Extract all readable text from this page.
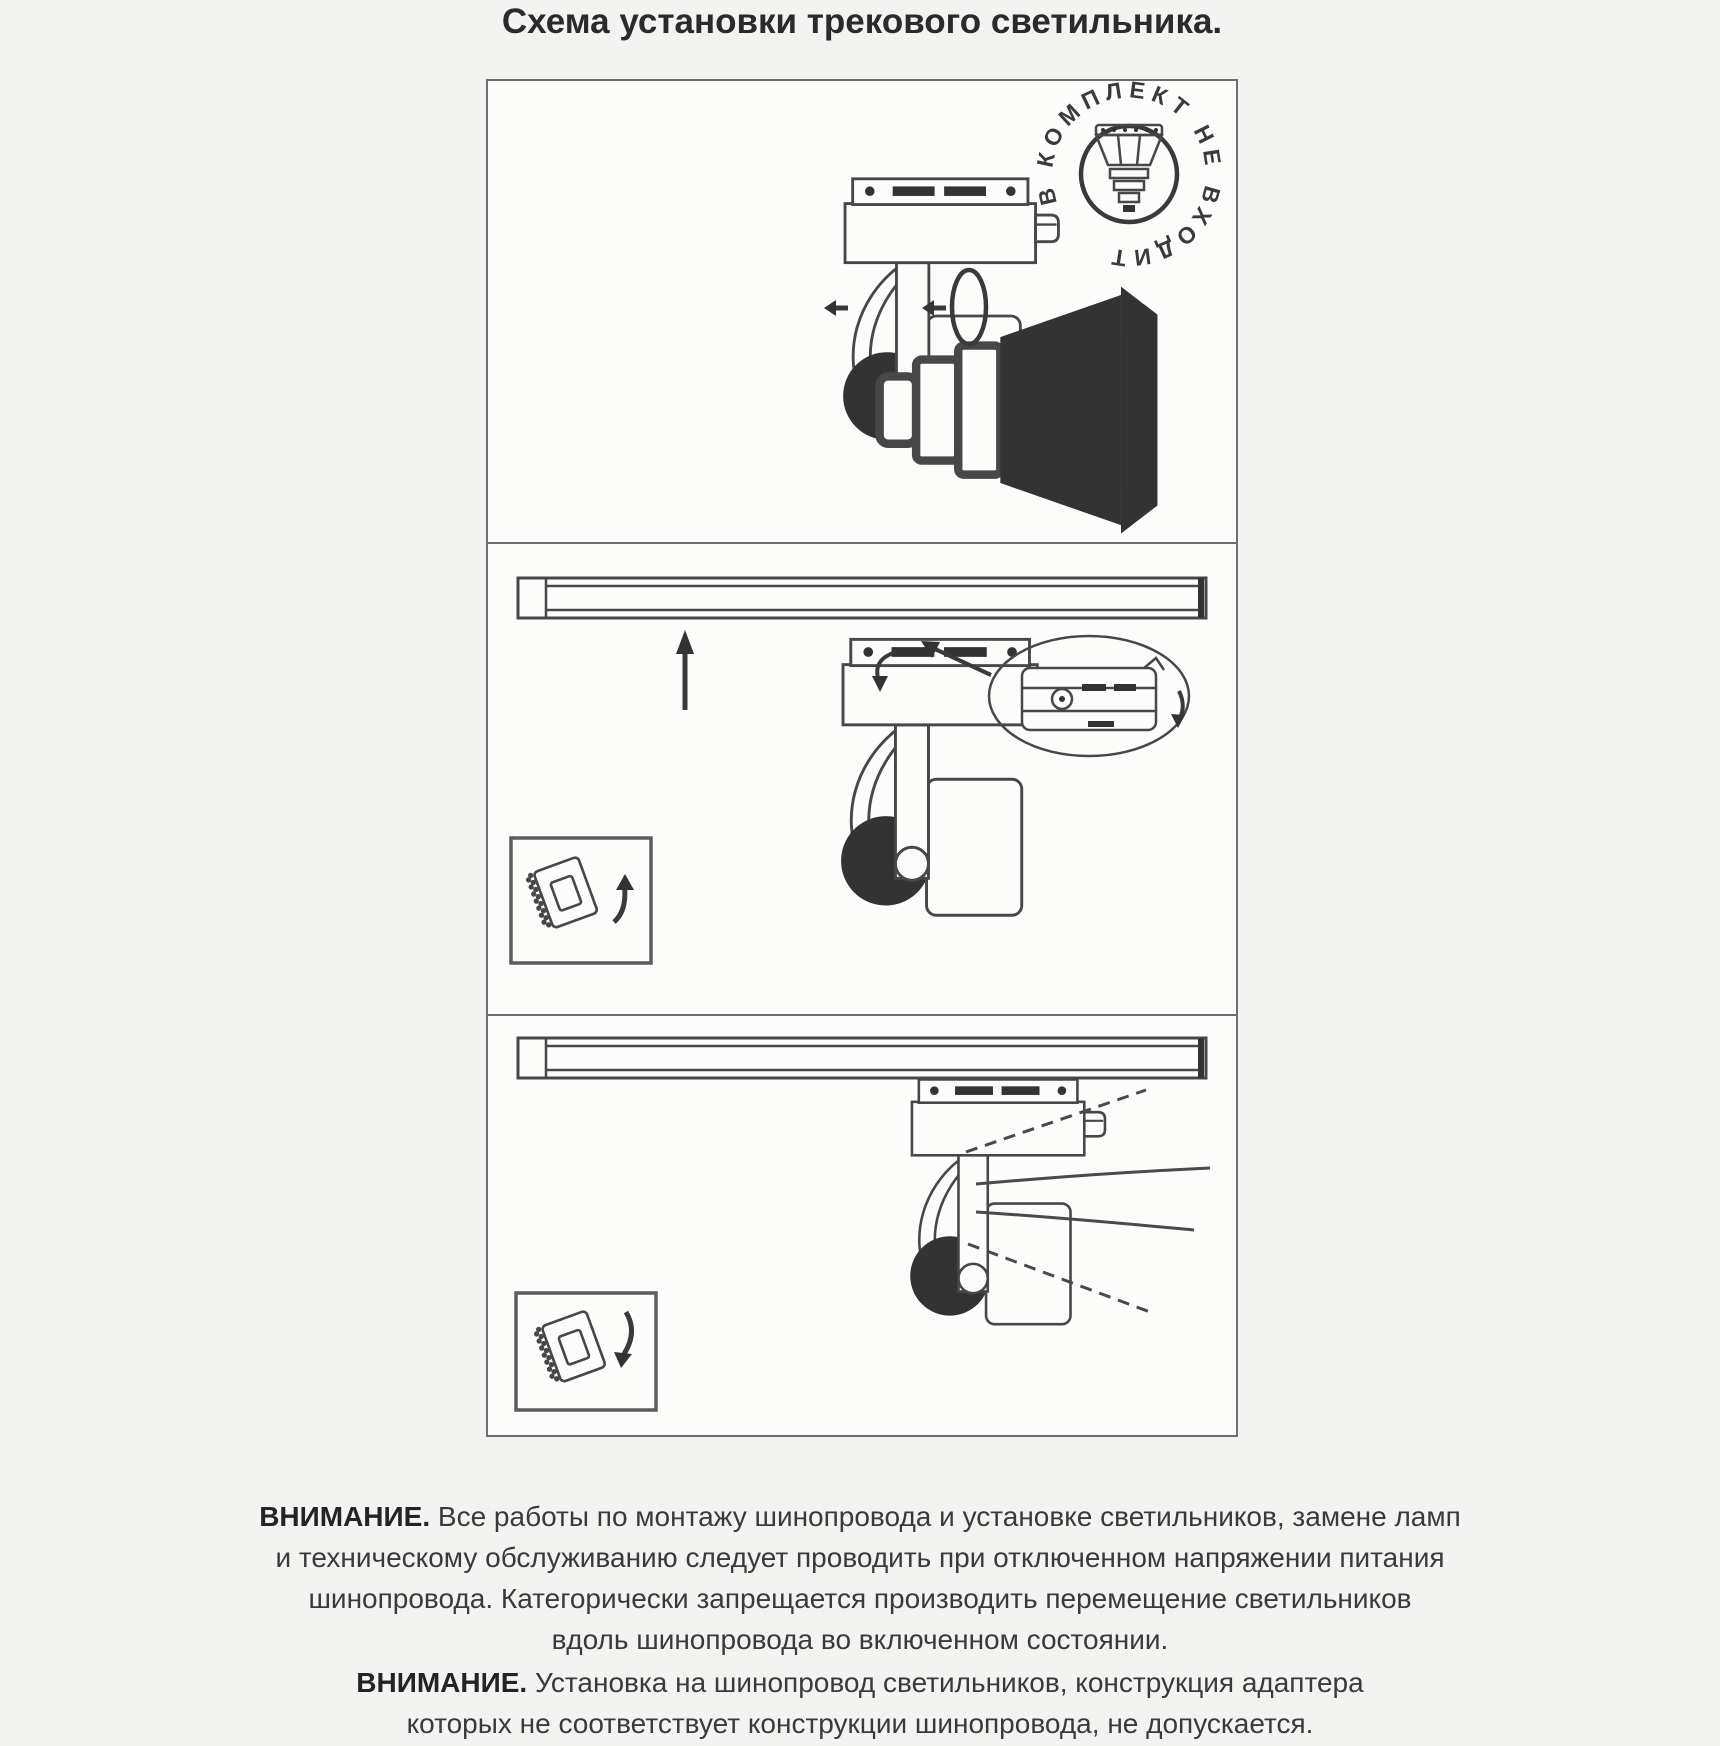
Схема установки трекового светильника.
В КОМПЛЕКТ НЕ ВХОДИТ
ВНИМАНИЕ. Все работы по монтажу шинопровода и установке светильников, замене ламп
и техническому обслуживанию следует проводить при отключенном напряжении питания
шинопровода. Категорически запрещается производить перемещение светильников
вдоль шинопровода во включенном состоянии.
ВНИМАНИЕ. Установка на шинопровод светильников, конструкция адаптера
которых не соответствует конструкции шинопровода, не допускается.
